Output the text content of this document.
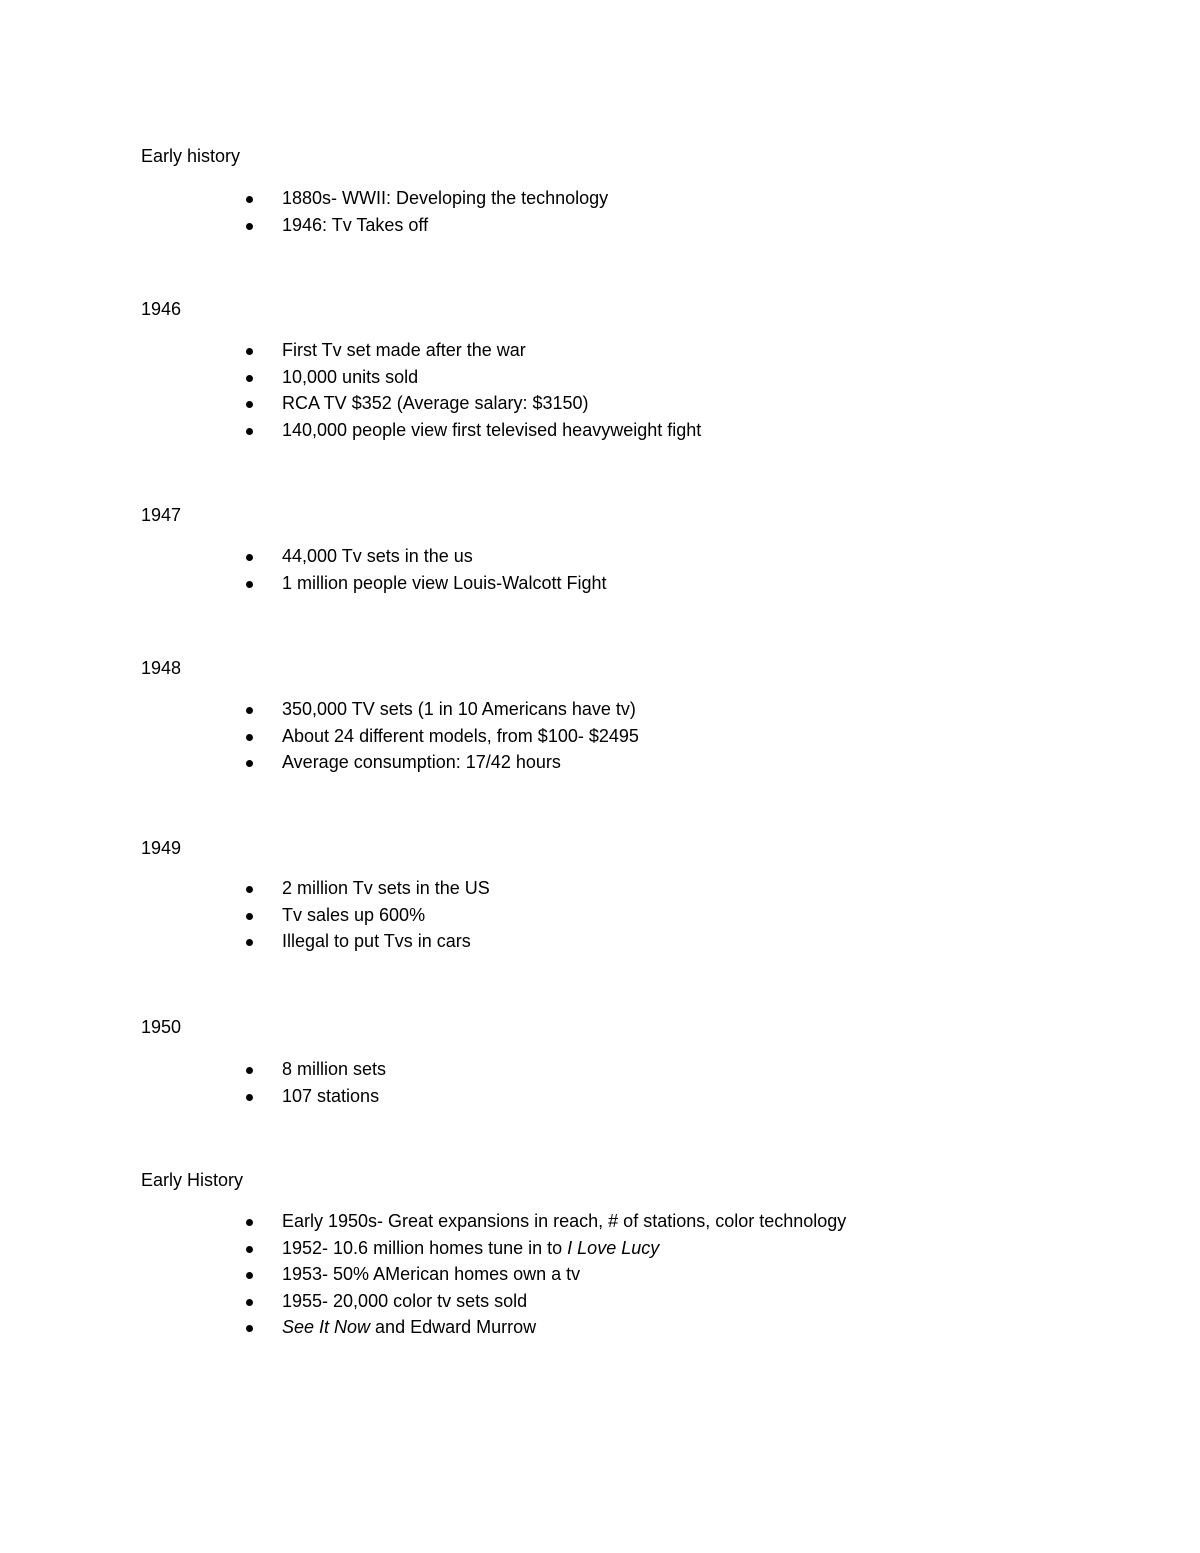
Early history
1880s- WWII: Developing the technology
1946: Tv Takes off
1946
First Tv set made after the war
10,000 units sold
RCA TV $352 (Average salary: $3150)
140,000 people view first televised heavyweight fight
1947
44,000 Tv sets in the us
1 million people view Louis-Walcott Fight
1948
350,000 TV sets (1 in 10 Americans have tv)
About 24 different models, from $100- $2495
Average consumption: 17/42 hours
1949
2 million Tv sets in the US
Tv sales up 600%
Illegal to put Tvs in cars
1950
8 million sets
107 stations
Early History
Early 1950s- Great expansions in reach, # of stations, color technology
1952- 10.6 million homes tune in to I Love Lucy
1953- 50% AMerican homes own a tv
1955- 20,000 color tv sets sold
See It Now and Edward Murrow
